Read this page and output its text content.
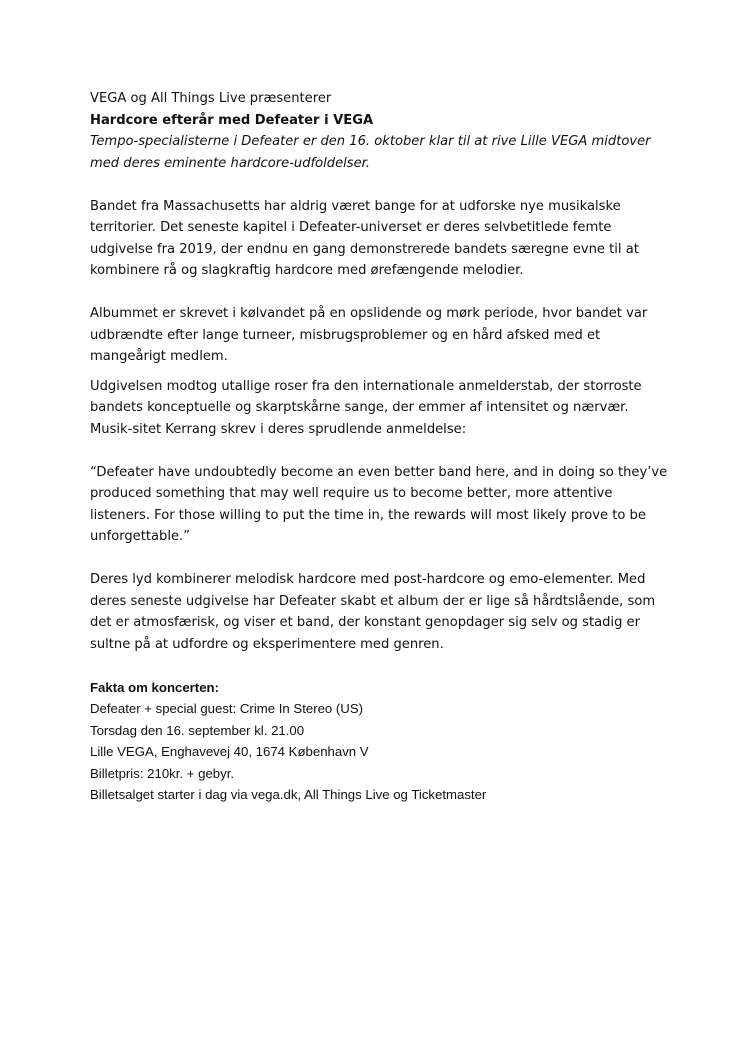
VEGA og All Things Live præsenterer
Hardcore efterår med Defeater i VEGA
Tempo-specialisterne i Defeater er den 16. oktober klar til at rive Lille VEGA midtover
med deres eminente hardcore-udfoldelser.

Bandet fra Massachusetts har aldrig været bange for at udforske nye musikalske
territorier. Det seneste kapitel i Defeater-universet er deres selvbetitlede femte
udgivelse fra 2019, der endnu en gang demonstrerede bandets særegne evne til at
kombinere rå og slagkraftig hardcore med ørefængende melodier.

Albummet er skrevet i kølvandet på en opslidende og mørk periode, hvor bandet var
udbrændte efter lange turneer, misbrugsproblemer og en hård afsked med et
mangeårigt medlem.

Udgivelsen modtog utallige roser fra den internationale anmelderstab, der storroste
bandets konceptuelle og skarptskårne sange, der emmer af intensitet og nærvær.
Musik-sitet Kerrang skrev i deres sprudlende anmeldelse:

“Defeater have undoubtedly become an even better band here, and in doing so they’ve
produced something that may well require us to become better, more attentive
listeners. For those willing to put the time in, the rewards will most likely prove to be
unforgettable.”

Deres lyd kombinerer melodisk hardcore med post-hardcore og emo-elementer. Med
deres seneste udgivelse har Defeater skabt et album der er lige så hårdtslående, som
det er atmosfærisk, og viser et band, der konstant genopdager sig selv og stadig er
sultne på at udfordre og eksperimentere med genren.

Fakta om koncerten:
Defeater + special guest: Crime In Stereo (US)
Torsdag den 16. september kl. 21.00
Lille VEGA, Enghavevej 40, 1674 København V
Billetpris: 210kr. + gebyr.
Billetsalget starter i dag via vega.dk, All Things Live og Ticketmaster
